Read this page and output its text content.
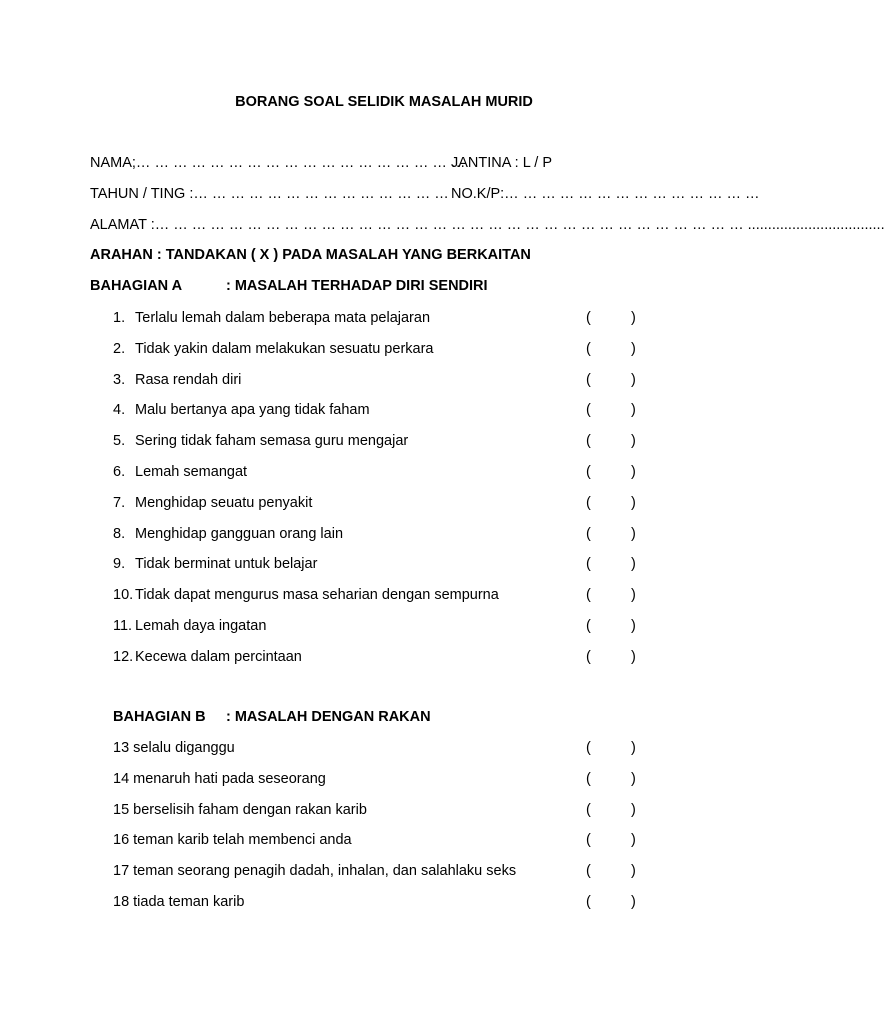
BORANG SOAL SELIDIK MASALAH MURID
NAMA;… … … … … … … … … … … … … … … … … …
JANTINA : L / P
TAHUN / TING :… … … … … … … … … … … … … … NO.K/P:… … … … … … … … … … … … … …
ALAMAT :… … … … … … … … … … … … … … … … … … … … … … … … … … … … … … … … ..................................
ARAHAN : TANDAKAN ( X ) PADA MASALAH YANG BERKAITAN
BAHAGIAN A	: MASALAH TERHADAP DIRI SENDIRI
1. Terlalu lemah dalam beberapa mata pelajaran	(	)
2. Tidak yakin dalam melakukan sesuatu perkara	(	)
3. Rasa rendah diri	(	)
4. Malu bertanya apa yang tidak faham	(	)
5. Sering tidak faham semasa guru mengajar	(	)
6. Lemah semangat	(	)
7. Menghidap seuatu penyakit	(	)
8. Menghidap gangguan orang lain	(	)
9. Tidak berminat untuk belajar	(	)
10. Tidak dapat mengurus masa seharian dengan sempurna	(	)
11. Lemah daya ingatan	(	)
12. Kecewa dalam percintaan	(	)
BAHAGIAN B : MASALAH DENGAN RAKAN
13 selalu diganggu	(	)
14 menaruh hati pada seseorang	(	)
15 berselisih faham dengan rakan karib	(	)
16 teman karib telah membenci anda	(	)
17 teman seorang penagih dadah, inhalan, dan salahlaku seks	(	)
18 tiada teman karib	(	)
